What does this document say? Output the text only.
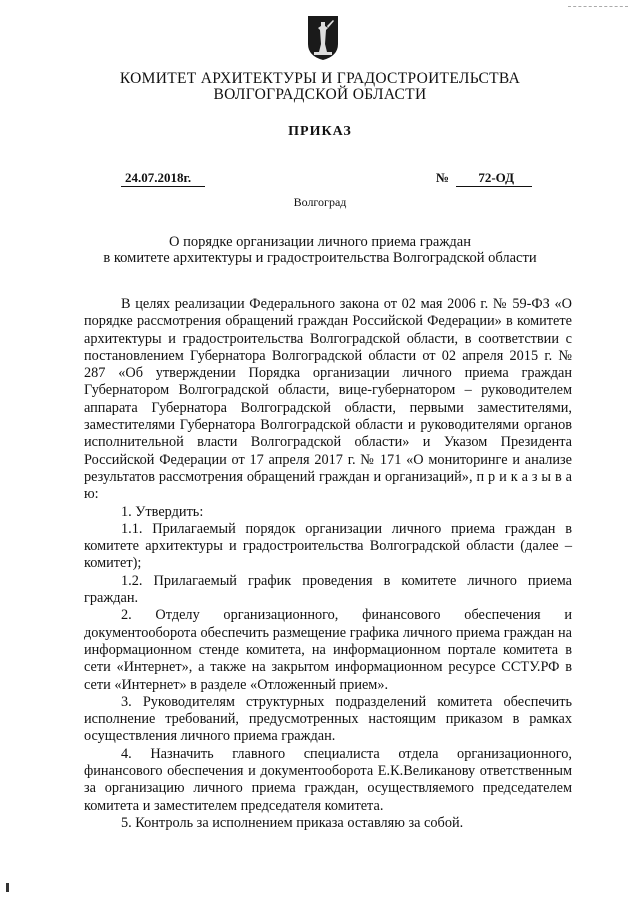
КОМИТЕТ АРХИТЕКТУРЫ И ГРАДОСТРОИТЕЛЬСТВА
ВОЛГОГРАДСКОЙ ОБЛАСТИ
ПРИКАЗ
24.07.2018г.	№ 72-ОД
Волгоград
О порядке организации личного приема граждан
в комитете архитектуры и градостроительства Волгоградской области

В целях реализации Федерального закона от 02 мая 2006 г. № 59-ФЗ «О порядке рассмотрения обращений граждан Российской Федерации» в комитете архитектуры и градостроительства Волгоградской области, в соответствии с постановлением Губернатора Волгоградской области от 02 апреля 2015 г. № 287 «Об утверждении Порядка организации личного приема граждан Губернатором Волгоградской области, вице-губернатором – руководителем аппарата Губернатора Волгоградской области, первыми заместителями, заместителями Губернатора Волгоградской области и руководителями органов исполнительной власти Волгоградской области» и Указом Президента Российской Федерации от 17 апреля 2017 г. № 171 «О мониторинге и анализе результатов рассмотрения обращений граждан и организаций», п р и к а з ы в а ю:

1. Утвердить:

1.1. Прилагаемый порядок организации личного приема граждан в комитете архитектуры и градостроительства Волгоградской области (далее – комитет);

1.2. Прилагаемый график проведения в комитете личного приема граждан.

2. Отделу организационного, финансового обеспечения и документооборота обеспечить размещение графика личного приема граждан на информационном стенде комитета, на информационном портале комитета в сети «Интернет», а также на закрытом информационном ресурсе ССТУ.РФ в сети «Интернет» в разделе «Отложенный прием».

3. Руководителям структурных подразделений комитета обеспечить исполнение требований, предусмотренных настоящим приказом в рамках осуществления личного приема граждан.

4. Назначить главного специалиста отдела организационного, финансового обеспечения и документооборота Е.К.Великанову ответственным за организацию личного приема граждан, осуществляемого председателем комитета и заместителем председателя комитета.

5. Контроль за исполнением приказа оставляю за собой.
